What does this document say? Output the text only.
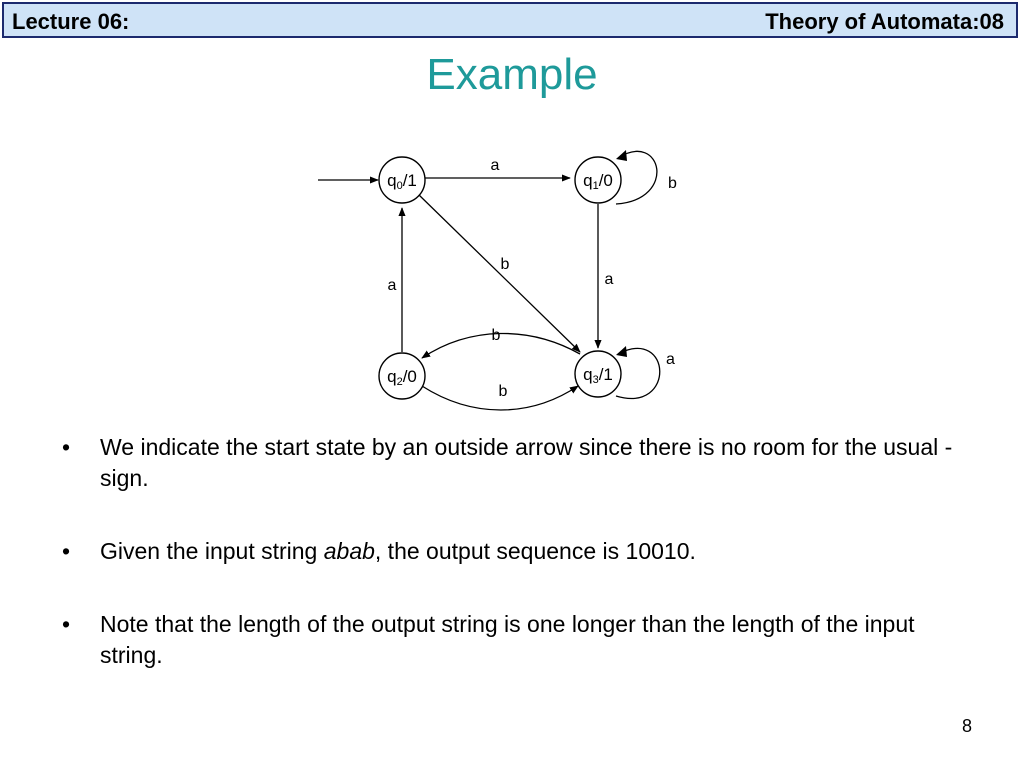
Lecture 06:	Theory of Automata:08
Example
a
b
b
a
a
b
b
a
q0/1	q1/0
q2/0	q3/1
• We indicate the start state by an outside arrow since there is no room for the usual - sign.
• Given the input string abab, the output sequence is 10010.
• Note that the length of the output string is one longer than the length of the input string.
8
